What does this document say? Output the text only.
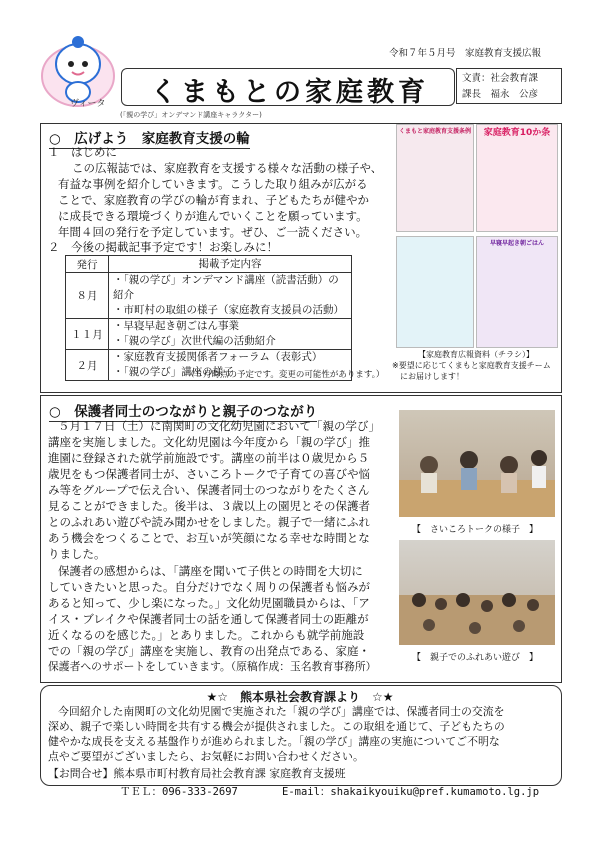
ヴィータ
(「親の学び」オンデマンド講座キャラクター)
令和７年５月号　家庭教育支援広報
くまもとの家庭教育	文責：社会教育課
課長　福永　公彦
○　広げよう　家庭教育支援の輪
１　はじめに
この広報誌では、家庭教育を支援する様々な活動の様子や、
有益な事例を紹介していきます。こうした取り組みが広がる
ことで、家庭教育の学びの輪が育まれ、子どもたちが健やか
に成長できる環境づくりが進んでいくことを願っています。
年間４回の発行を予定しています。ぜひ、ご一読ください。
２　今後の掲載記事予定です！お楽しみに！
発行	掲載予定内容
８月	・「親の学び」オンデマンド講座（読書活動）の紹介
・市町村の取組の様子（家庭教育支援員の活動）

１１月	・早寝早起き朝ごはん事業
・「親の学び」次世代編の活動紹介

２月	・家庭教育支援関係者フォーラム（表彰式）
・「親の学び」講座の様子
（５月時点の予定です。変更の可能性があります。）
くまもと家庭教育支援条例	家庭教育10か条
早寝早起き朝ごはん
【家庭教育広報資料（チラシ）】
※要望に応じてくまもと家庭教育支援チーム
にお届けします！
○　保護者同士のつながりと親子のつながり
５月１７日（土）に南関町の文化幼児園において「親の学び」
講座を実施しました。文化幼児園は今年度から「親の学び」推
進園に登録された就学前施設です。講座の前半は０歳児から５
歳児をもつ保護者同士が、さいころトークで子育ての喜びや悩
み等をグループで伝え合い、保護者同士のつながりをたくさん
見ることができました。後半は、３歳以上の園児とその保護者
とのふれあい遊びや読み聞かせをしました。親子で一緒にふれ
あう機会をつくることで、お互いが笑顔になる幸せな時間とな
りました。
保護者の感想からは、「講座を聞いて子供との時間を大切に
していきたいと思った。自分だけでなく周りの保護者も悩みが
あると知って、少し楽になった。」文化幼児園職員からは、「ア
イス・ブレイクや保護者同士の話を通して保護者同士の距離が
近くなるのを感じた。」とありました。これからも就学前施設
での「親の学び」講座を実施し、教育の出発点である、家庭・
保護者へのサポートをしていきます。（原稿作成：玉名教育事務所）
【　さいころトークの様子　】
【　親子でのふれあい遊び　】
★☆　熊本県社会教育課より　☆★
今回紹介した南関町の文化幼児園で実施された「親の学び」講座では、保護者同士の交流を
深め、親子で楽しい時間を共有する機会が提供されました。この取組を通じて、子どもたちの
健やかな成長を支える基盤作りが進められました。「親の学び」講座の実施についてご不明な
点やご要望がございましたら、お気軽にお問い合わせください。
【お問合せ】熊本県市町村教育局社会教育課 家庭教育支援班
ＴＥＬ：096-333-2697	E-mail：shakaikyouiku@pref.kumamoto.lg.jp
